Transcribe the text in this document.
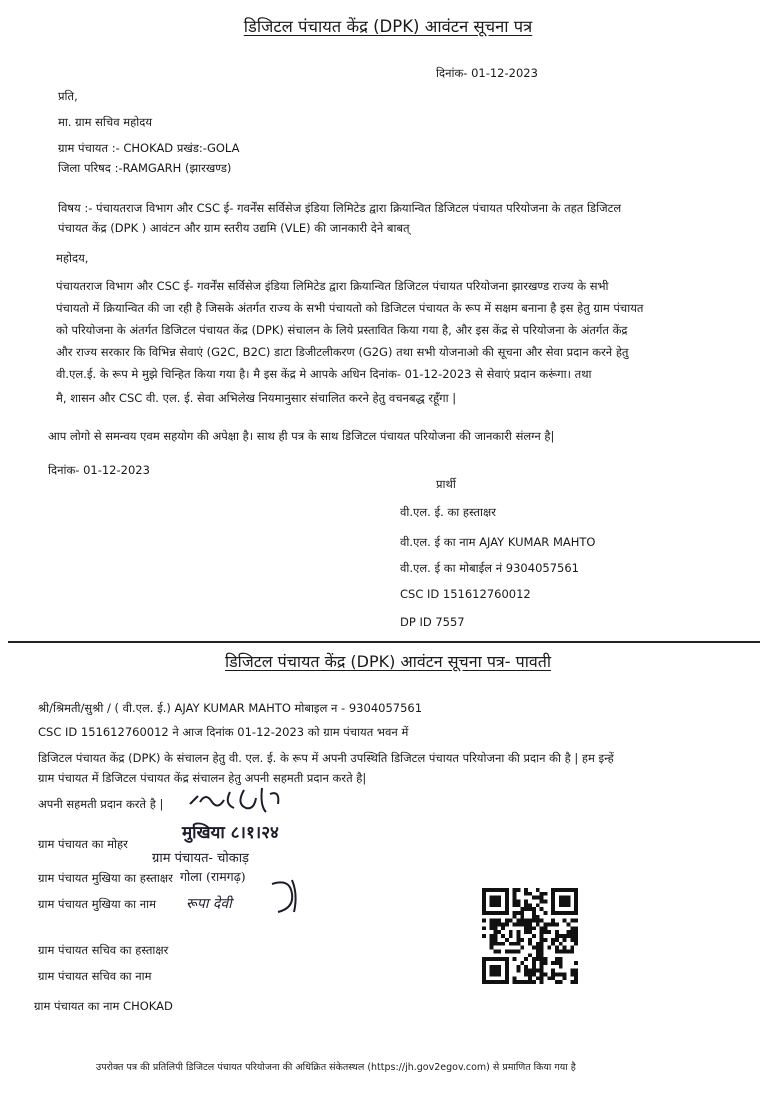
डिजिटल पंचायत केंद्र (DPK) आवंटन सूचना पत्र
दिनांक- 01-12-2023
प्रति,
मा. ग्राम सचिव महोदय
ग्राम पंचायत :- CHOKAD प्रखंड:-GOLA
जिला परिषद :-RAMGARH (झारखण्ड)
विषय :- पंचायतराज विभाग और CSC ई- गवर्नेंस सर्विसेज इंडिया लिमिटेड द्वारा क्रियान्वित डिजिटल पंचायत परियोजना के तहत डिजिटल
पंचायत केंद्र (DPK ) आवंटन और ग्राम स्तरीय उद्यमि (VLE) की जानकारी देने बाबत्
महोदय,
पंचायतराज विभाग और CSC ई- गवर्नेंस सर्विसेज इंडिया लिमिटेड द्वारा क्रियान्वित डिजिटल पंचायत परियोजना झारखण्ड राज्य के सभी
पंचायतो में क्रियान्वित की जा रही है जिसके अंतर्गत राज्य के सभी पंचायतो को डिजिटल पंचायत के रूप में सक्षम बनाना है इस हेतु ग्राम पंचायत
को परियोजना के अंतर्गत डिजिटल पंचायत केंद्र (DPK) संचालन के लिये प्रस्तावित किया गया है, और इस केंद्र से परियोजना के अंतर्गत केंद्र
और राज्य सरकार कि विभिन्न सेवाएं (G2C, B2C) डाटा डिजीटलीकरण (G2G) तथा सभी योजनाओ की सूचना और सेवा प्रदान करने हेतु
वी.एल.ई. के रूप मे मुझे चिन्हित किया गया है। मै इस केंद्र मे आपके अधिन दिनांक- 01-12-2023 से सेवाएं प्रदान करूंगा। तथा
मै, शासन और CSC वी. एल. ई. सेवा अभिलेख नियमानुसार संचालित करने हेतु वचनबद्ध रहूँगा |
आप लोगो से समन्वय एवम सहयोग की अपेक्षा है। साथ ही पत्र के साथ डिजिटल पंचायत परियोजना की जानकारी संलग्न है|
दिनांक- 01-12-2023
प्रार्थी
वी.एल. ई. का हस्ताक्षर
वी.एल. ई का नाम AJAY KUMAR MAHTO
वी.एल. ई का मोबाईल नं 9304057561
CSC ID 151612760012
DP ID 7557
डिजिटल पंचायत केंद्र (DPK) आवंटन सूचना पत्र- पावती
श्री/श्रिमती/सुश्री / ( वी.एल. ई.) AJAY KUMAR MAHTO मोबाइल न - 9304057561
CSC ID 151612760012 ने आज दिनांक 01-12-2023 को ग्राम पंचायत भवन में
डिजिटल पंचायत केंद्र (DPK) के संचालन हेतु वी. एल. ई. के रूप में अपनी उपस्थिति डिजिटल पंचायत परियोजना की प्रदान की है | हम इन्हें
ग्राम पंचायत में डिजिटल पंचायत केंद्र संचालन हेतु अपनी सहमती प्रदान करते है|
अपनी सहमती प्रदान करते है |
ग्राम पंचायत का मोहर
ग्राम पंचायत मुखिया का हस्ताक्षर
ग्राम पंचायत मुखिया का नाम
ग्राम पंचायत सचिव का हस्ताक्षर
ग्राम पंचायत सचिव का नाम
ग्राम पंचायत का नाम CHOKAD
मुखिया ८।१।२४
ग्राम पंचायत- चोकाड़
गोला (रामगढ़)
रूपा देवी
उपरोक्त पत्र की प्रतिलिपी डिजिटल पंचायत परियोजना की अधिक्रित संकेतस्थल (https://jh.gov2egov.com) से प्रमाणित किया गया है
